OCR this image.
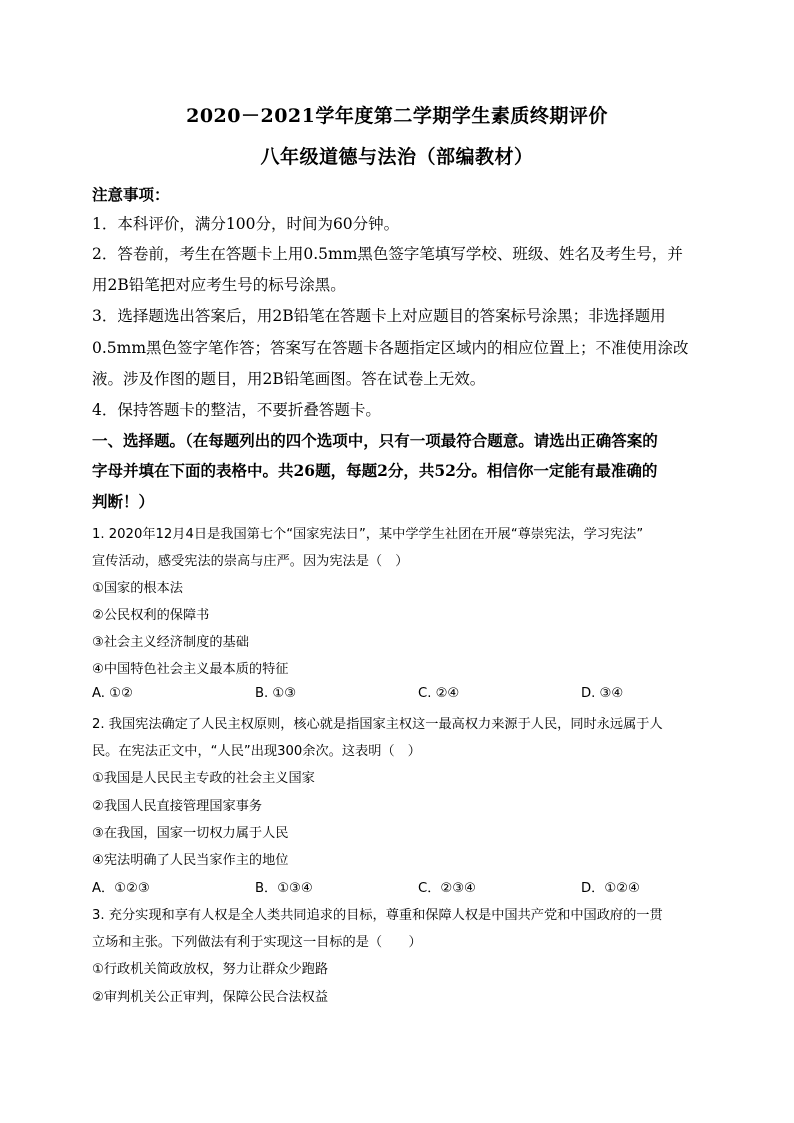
2020－2021学年度第二学期学生素质终期评价
八年级道德与法治（部编教材）
注意事项：
1．本科评价，满分100分，时间为60分钟。
2．答卷前，考生在答题卡上用0.5mm黑色签字笔填写学校、班级、姓名及考生号，并
用2B铅笔把对应考生号的标号涂黑。
3．选择题选出答案后，用2B铅笔在答题卡上对应题目的答案标号涂黑；非选择题用
0.5mm黑色签字笔作答；答案写在答题卡各题指定区域内的相应位置上；不准使用涂改
液。涉及作图的题目，用2B铅笔画图。答在试卷上无效。
4．保持答题卡的整洁，不要折叠答题卡。
一、选择题。（在每题列出的四个选项中，只有一项最符合题意。请选出正确答案的
字母并填在下面的表格中。共26题，每题2分，共52分。相信你一定能有最准确的
判断！）
1. 2020年12月4日是我国第七个“国家宪法日”，某中学学生社团在开展“尊崇宪法，学习宪法”
宣传活动，感受宪法的崇高与庄严。因为宪法是（　）
①国家的根本法
②公民权利的保障书
③社会主义经济制度的基础
④中国特色社会主义最本质的特征
A. ①②	B. ①③	C. ②④	D. ③④
2. 我国宪法确定了人民主权原则，核心就是指国家主权这一最高权力来源于人民，同时永远属于人
民。在宪法正文中，“人民”出现300余次。这表明（　）
①我国是人民民主专政的社会主义国家
②我国人民直接管理国家事务
③在我国，国家一切权力属于人民
④宪法明确了人民当家作主的地位
A．①②③	B．①③④	C．②③④	D．①②④
3. 充分实现和享有人权是全人类共同追求的目标，尊重和保障人权是中国共产党和中国政府的一贯
立场和主张。下列做法有利于实现这一目标的是（　　）
①行政机关简政放权，努力让群众少跑路
②审判机关公正审判，保障公民合法权益
